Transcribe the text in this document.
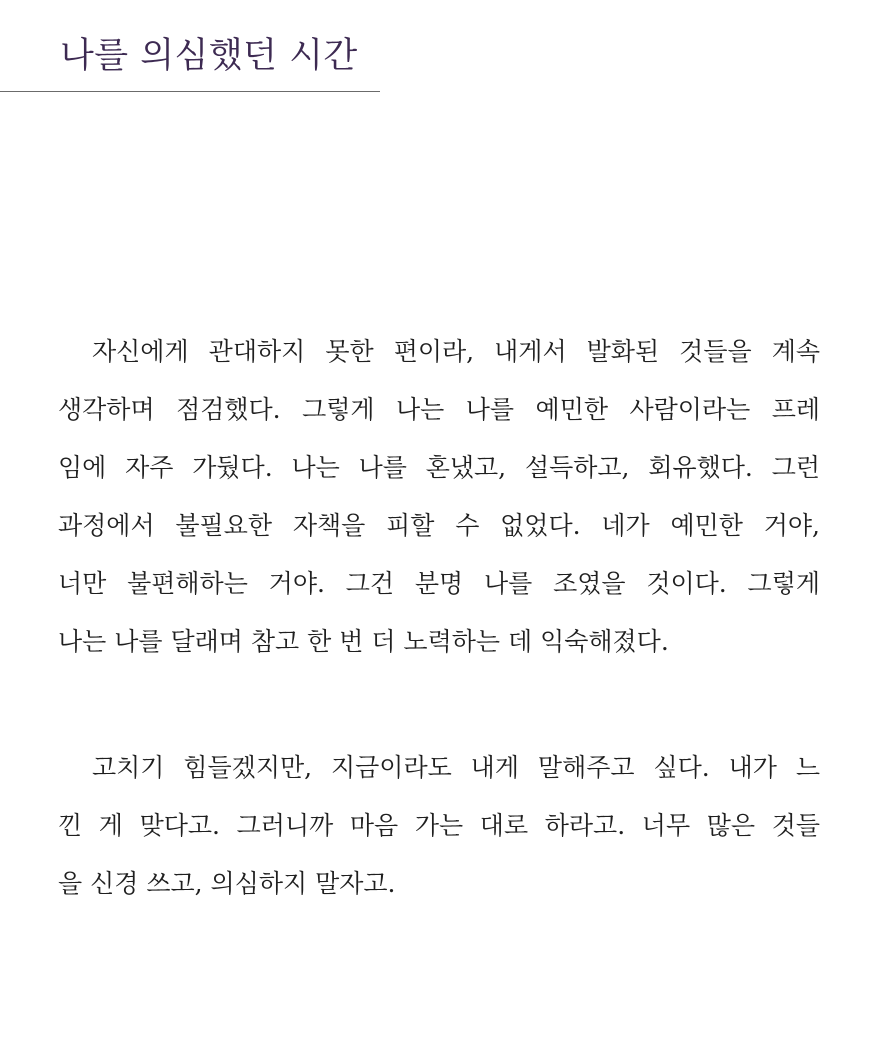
나를 의심했던 시간
자신에게 관대하지 못한 편이라, 내게서 발화된 것들을 계속
생각하며 점검했다. 그렇게 나는 나를 예민한 사람이라는 프레
임에 자주 가뒀다. 나는 나를 혼냈고, 설득하고, 회유했다. 그런
과정에서 불필요한 자책을 피할 수 없었다. 네가 예민한 거야,
너만 불편해하는 거야. 그건 분명 나를 조였을 것이다. 그렇게
나는 나를 달래며 참고 한 번 더 노력하는 데 익숙해졌다.
고치기 힘들겠지만, 지금이라도 내게 말해주고 싶다. 내가 느
낀 게 맞다고. 그러니까 마음 가는 대로 하라고. 너무 많은 것들
을 신경 쓰고, 의심하지 말자고.
